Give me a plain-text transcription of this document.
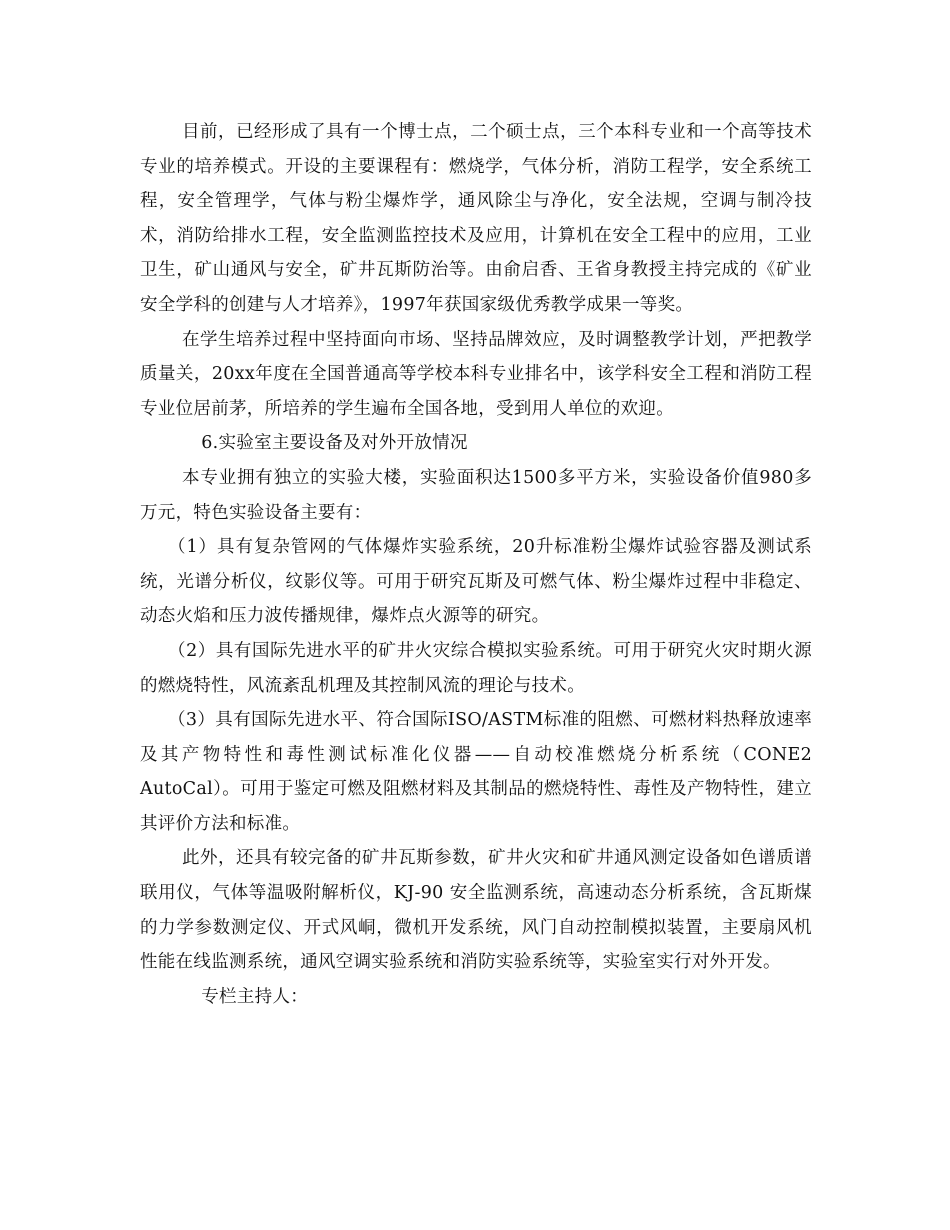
目前，已经形成了具有一个博士点，二个硕士点，三个本科专业和一个高等技术专业的培养模式。开设的主要课程有：燃烧学，气体分析，消防工程学，安全系统工程，安全管理学，气体与粉尘爆炸学，通风除尘与净化，安全法规，空调与制冷技术，消防给排水工程，安全监测监控技术及应用，计算机在安全工程中的应用，工业卫生，矿山通风与安全，矿井瓦斯防治等。由俞启香、王省身教授主持完成的《矿业安全学科的创建与人才培养》，1997年获国家级优秀教学成果一等奖。

在学生培养过程中坚持面向市场、坚持品牌效应，及时调整教学计划，严把教学质量关，20xx年度在全国普通高等学校本科专业排名中，该学科安全工程和消防工程专业位居前茅，所培养的学生遍布全国各地，受到用人单位的欢迎。

6.实验室主要设备及对外开放情况

本专业拥有独立的实验大楼，实验面积达1500多平方米，实验设备价值980多万元，特色实验设备主要有：

（1）具有复杂管网的气体爆炸实验系统，20升标准粉尘爆炸试验容器及测试系统，光谱分析仪，纹影仪等。可用于研究瓦斯及可燃气体、粉尘爆炸过程中非稳定、动态火焰和压力波传播规律，爆炸点火源等的研究。

（2）具有国际先进水平的矿井火灾综合模拟实验系统。可用于研究火灾时期火源的燃烧特性，风流紊乱机理及其控制风流的理论与技术。

（3）具有国际先进水平、符合国际ISO/ASTM标准的阻燃、可燃材料热释放速率及其产物特性和毒性测试标准化仪器——自动校准燃烧分析系统（CONE2 AutoCal）。可用于鉴定可燃及阻燃材料及其制品的燃烧特性、毒性及产物特性，建立其评价方法和标准。

此外，还具有较完备的矿井瓦斯参数，矿井火灾和矿井通风测定设备如色谱质谱联用仪，气体等温吸附解析仪，KJ-90 安全监测系统，高速动态分析系统，含瓦斯煤的力学参数测定仪、开式风峒，微机开发系统，风门自动控制模拟装置，主要扇风机性能在线监测系统，通风空调实验系统和消防实验系统等，实验室实行对外开发。

专栏主持人：
